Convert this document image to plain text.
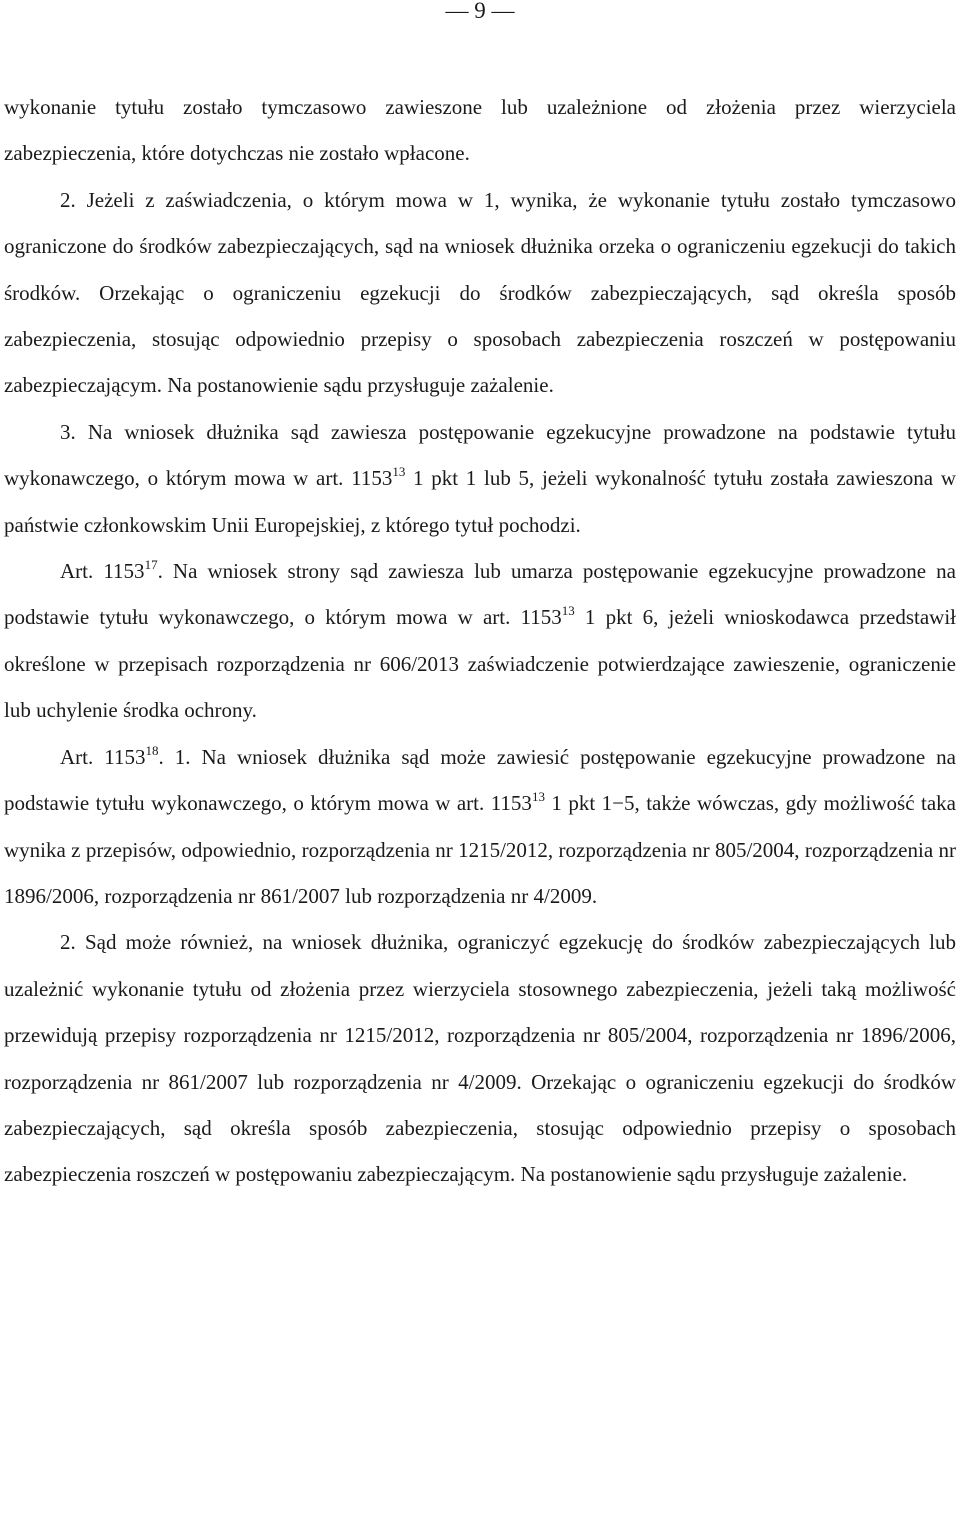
— 9 —

wykonanie tytułu zostało tymczasowo zawieszone lub uzależnione od złożenia przez wierzyciela zabezpieczenia, które dotychczas nie zostało wpłacone.

2. Jeżeli z zaświadczenia, o którym mowa w 1, wynika, że wykonanie tytułu zostało tymczasowo ograniczone do środków zabezpieczających, sąd na wniosek dłużnika orzeka o ograniczeniu egzekucji do takich środków. Orzekając o ograniczeniu egzekucji do środków zabezpieczających, sąd określa sposób zabezpieczenia, stosując odpowiednio przepisy o sposobach zabezpieczenia roszczeń w postępowaniu zabezpieczającym. Na postanowienie sądu przysługuje zażalenie.

3. Na wniosek dłużnika sąd zawiesza postępowanie egzekucyjne prowadzone na podstawie tytułu wykonawczego, o którym mowa w art. 1153$^{13}$ 1 pkt 1 lub 5, jeżeli wykonalność tytułu została zawieszona w państwie członkowskim Unii Europejskiej, z którego tytuł pochodzi.

Art. 1153$^{17}$. Na wniosek strony sąd zawiesza lub umarza postępowanie egzekucyjne prowadzone na podstawie tytułu wykonawczego, o którym mowa w art. 1153$^{13}$ 1 pkt 6, jeżeli wnioskodawca przedstawił określone w przepisach rozporządzenia nr 606/2013 zaświadczenie potwierdzające zawieszenie, ograniczenie lub uchylenie środka ochrony.

Art. 1153$^{18}$. 1. Na wniosek dłużnika sąd może zawiesić postępowanie egzekucyjne prowadzone na podstawie tytułu wykonawczego, o którym mowa w art. 1153$^{13}$ 1 pkt 1−5, także wówczas, gdy możliwość taka wynika z przepisów, odpowiednio, rozporządzenia nr 1215/2012, rozporządzenia nr 805/2004, rozporządzenia nr 1896/2006, rozporządzenia nr 861/2007 lub rozporządzenia nr 4/2009.

2. Sąd może również, na wniosek dłużnika, ograniczyć egzekucję do środków zabezpieczających lub uzależnić wykonanie tytułu od złożenia przez wierzyciela stosownego zabezpieczenia, jeżeli taką możliwość przewidują przepisy rozporządzenia nr 1215/2012, rozporządzenia nr 805/2004, rozporządzenia nr 1896/2006, rozporządzenia nr 861/2007 lub rozporządzenia nr 4/2009. Orzekając o ograniczeniu egzekucji do środków zabezpieczających, sąd określa sposób zabezpieczenia, stosując odpowiednio przepisy o sposobach zabezpieczenia roszczeń w postępowaniu zabezpieczającym. Na postanowienie sądu przysługuje zażalenie.
